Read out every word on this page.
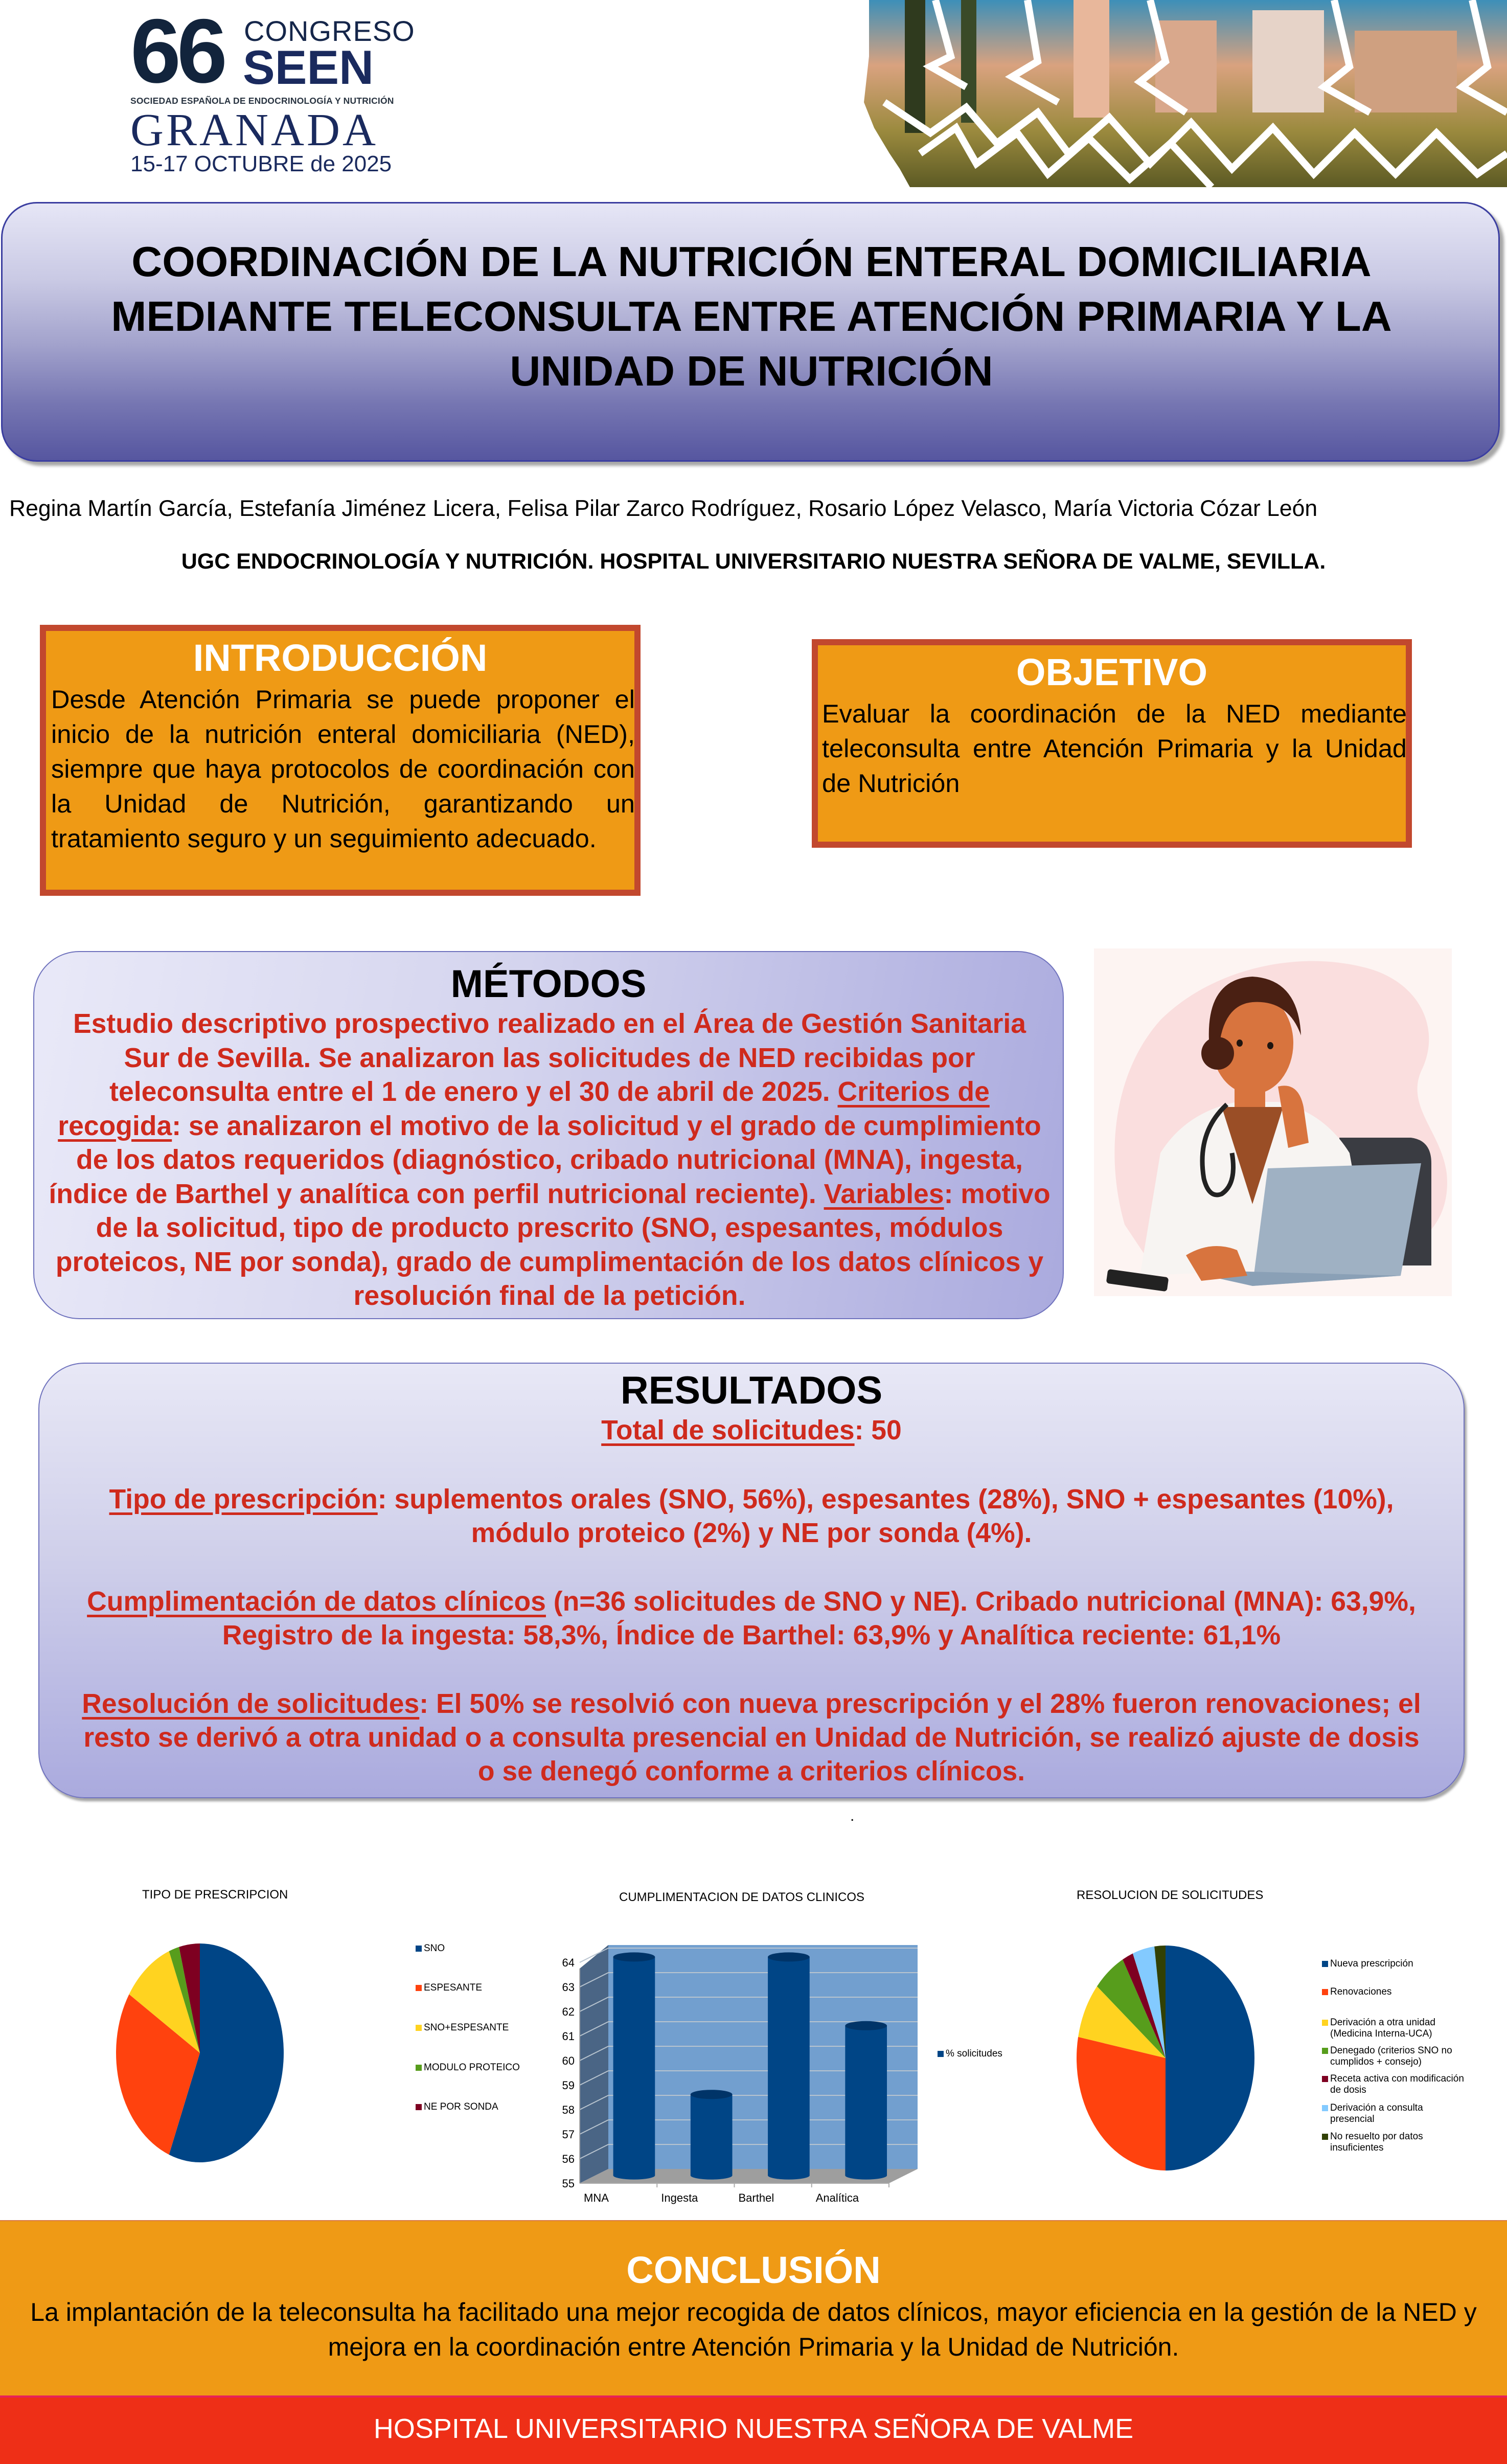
66 CONGRESO
SEEN
SOCIEDAD ESPAÑOLA DE ENDOCRINOLOGÍA Y NUTRICIÓN
GRANADA
15-17 OCTUBRE de 2025
COORDINACIÓN DE LA NUTRICIÓN ENTERAL DOMICILIARIA
MEDIANTE TELECONSULTA ENTRE ATENCIÓN PRIMARIA Y LA
UNIDAD DE NUTRICIÓN
Regina Martín García, Estefanía Jiménez Licera, Felisa Pilar Zarco Rodríguez, Rosario López Velasco, María Victoria Cózar León
UGC ENDOCRINOLOGÍA Y NUTRICIÓN. HOSPITAL UNIVERSITARIO NUESTRA SEÑORA DE VALME, SEVILLA.
INTRODUCCIÓN
Desde Atención Primaria se puede proponer el inicio de la nutrición enteral domiciliaria (NED), siempre que haya protocolos de coordinación con la Unidad de Nutrición, garantizando un tratamiento seguro y un seguimiento adecuado.
OBJETIVO
Evaluar la coordinación de la NED mediante teleconsulta entre Atención Primaria y la Unidad de Nutrición
MÉTODOS
Estudio descriptivo prospectivo realizado en el Área de Gestión Sanitaria Sur de Sevilla. Se analizaron las solicitudes de NED recibidas por teleconsulta entre el 1 de enero y el 30 de abril de 2025. Criterios de recogida: se analizaron el motivo de la solicitud y el grado de cumplimiento de los datos requeridos (diagnóstico, cribado nutricional (MNA), ingesta, índice de Barthel y analítica con perfil nutricional reciente). Variables: motivo de la solicitud, tipo de producto prescrito (SNO, espesantes, módulos proteicos, NE por sonda), grado de cumplimentación de los datos clínicos y resolución final de la petición.
RESULTADOS
Total de solicitudes: 50
Tipo de prescripción: suplementos orales (SNO, 56%), espesantes (28%), SNO + espesantes (10%),
módulo proteico (2%) y NE por sonda (4%).
Cumplimentación de datos clínicos (n=36 solicitudes de SNO y NE). Cribado nutricional (MNA): 63,9%,
Registro de la ingesta: 58,3%, Índice de Barthel: 63,9% y Analítica reciente: 61,1%
Resolución de solicitudes: El 50% se resolvió con nueva prescripción y el 28% fueron renovaciones; el
resto se derivó a otra unidad o a consulta presencial en Unidad de Nutrición, se realizó ajuste de dosis
o se denegó conforme a criterios clínicos.
.
TIPO DE PRESCRIPCION
SNO
ESPESANTE
SNO+ESPESANTE
MODULO PROTEICO
NE POR SONDA
CUMPLIMENTACION DE DATOS CLINICOS
55
56
57
58
59
60
61
62
63
64
MNA	Ingesta	Barthel	Analítica
% solicitudes
RESOLUCION DE SOLICITUDES
Nueva prescripción
Renovaciones
Derivación a otra unidad
(Medicina Interna-UCA)
Denegado (criterios SNO no
cumplidos + consejo)
Receta activa con modificación
de dosis
Derivación a consulta
presencial
No resuelto por datos
insuficientes
CONCLUSIÓN
La implantación de la teleconsulta ha facilitado una mejor recogida de datos clínicos, mayor eficiencia en la gestión de la NED y mejora en la coordinación entre Atención Primaria y la Unidad de Nutrición.
HOSPITAL UNIVERSITARIO NUESTRA SEÑORA DE VALME
